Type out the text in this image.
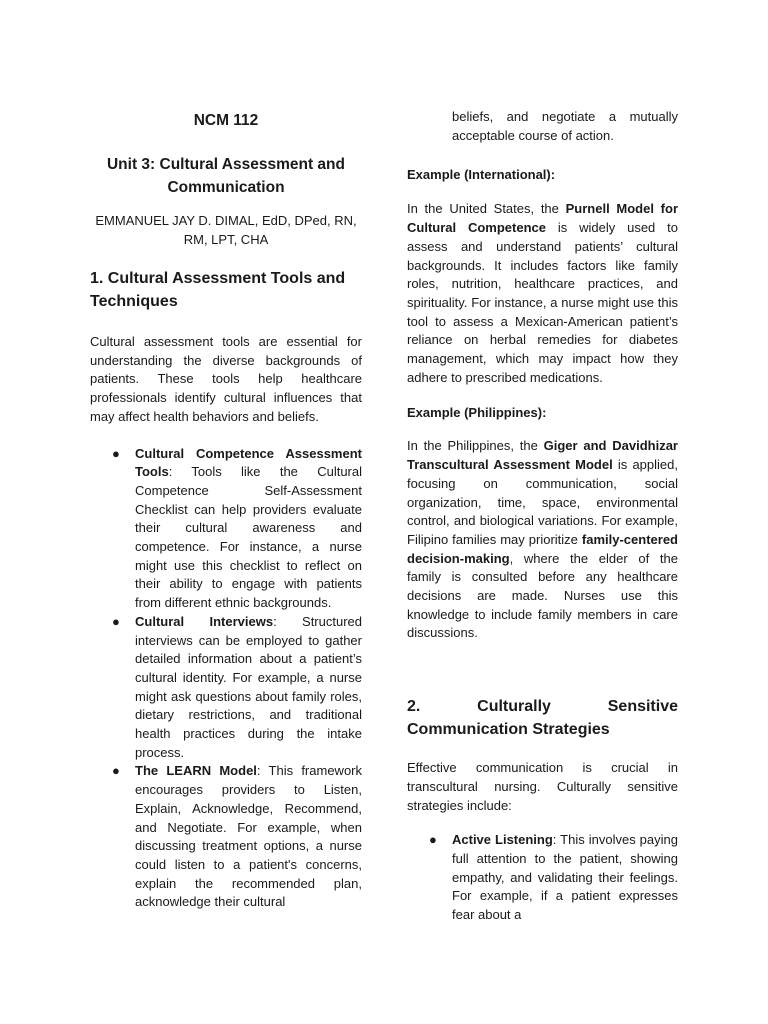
NCM 112
Unit 3: Cultural Assessment and Communication
EMMANUEL JAY D. DIMAL, EdD, DPed, RN, RM, LPT, CHA
1. Cultural Assessment Tools and Techniques

Cultural assessment tools are essential for understanding the diverse backgrounds of patients. These tools help healthcare professionals identify cultural influences that may affect health behaviors and beliefs.

● Cultural Competence Assessment Tools: Tools like the Cultural Competence Self-Assessment Checklist can help providers evaluate their cultural awareness and competence. For instance, a nurse might use this checklist to reflect on their ability to engage with patients from different ethnic backgrounds.
● Cultural Interviews: Structured interviews can be employed to gather detailed information about a patient’s cultural identity. For example, a nurse might ask questions about family roles, dietary restrictions, and traditional health practices during the intake process.
● The LEARN Model: This framework encourages providers to Listen, Explain, Acknowledge, Recommend, and Negotiate. For example, when discussing treatment options, a nurse could listen to a patient's concerns, explain the recommended plan, acknowledge their cultural
beliefs, and negotiate a mutually acceptable course of action.
Example (International):

In the United States, the Purnell Model for Cultural Competence is widely used to assess and understand patients’ cultural backgrounds. It includes factors like family roles, nutrition, healthcare practices, and spirituality. For instance, a nurse might use this tool to assess a Mexican-American patient’s reliance on herbal remedies for diabetes management, which may impact how they adhere to prescribed medications.

Example (Philippines):

In the Philippines, the Giger and Davidhizar Transcultural Assessment Model is applied, focusing on communication, social organization, time, space, environmental control, and biological variations. For example, Filipino families may prioritize family-centered decision-making, where the elder of the family is consulted before any healthcare decisions are made. Nurses use this knowledge to include family members in care discussions.

2. Culturally Sensitive Communication Strategies

Effective communication is crucial in transcultural nursing. Culturally sensitive strategies include:

● Active Listening: This involves paying full attention to the patient, showing empathy, and validating their feelings. For example, if a patient expresses fear about a
